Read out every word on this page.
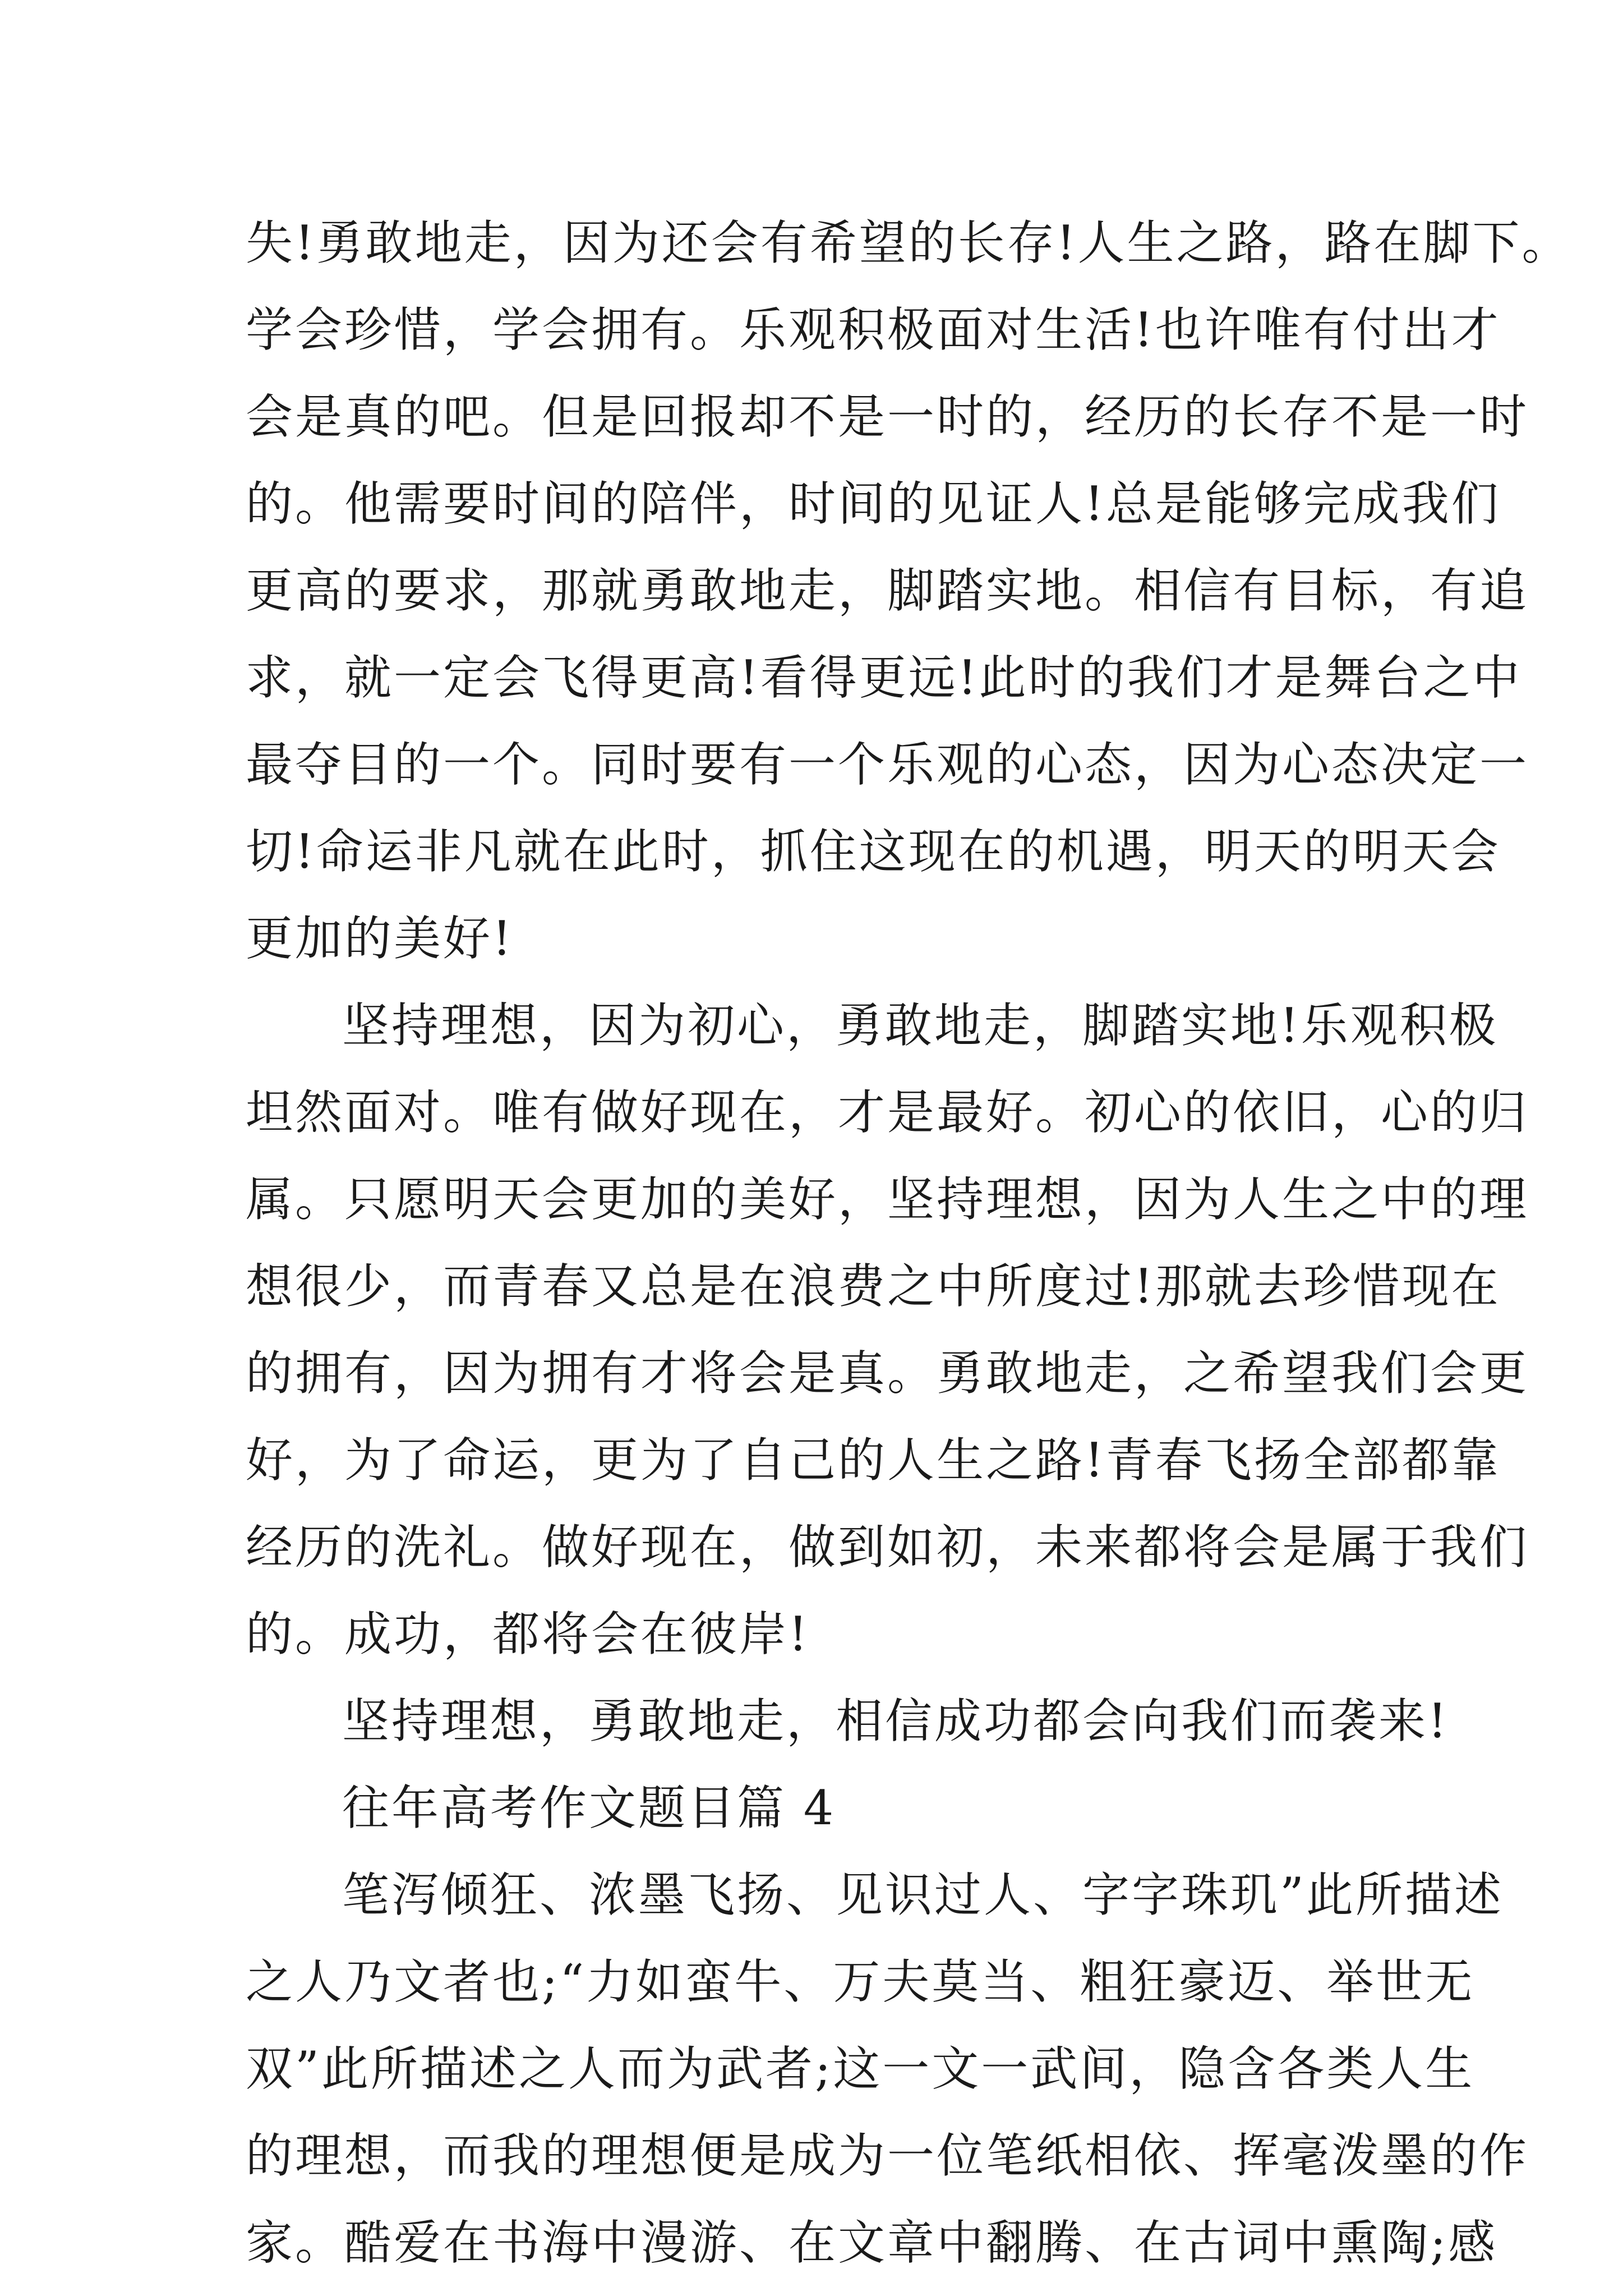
失!勇敢地走，因为还会有希望的长存!人生之路，路在脚下。
学会珍惜，学会拥有。乐观积极面对生活!也许唯有付出才
会是真的吧。但是回报却不是一时的，经历的长存不是一时
的。他需要时间的陪伴，时间的见证人!总是能够完成我们
更高的要求，那就勇敢地走，脚踏实地。相信有目标，有追
求，就一定会飞得更高!看得更远!此时的我们才是舞台之中
最夺目的一个。同时要有一个乐观的心态，因为心态决定一
切!命运非凡就在此时，抓住这现在的机遇，明天的明天会
更加的美好!
坚持理想，因为初心，勇敢地走，脚踏实地!乐观积极
坦然面对。唯有做好现在，才是最好。初心的依旧，心的归
属。只愿明天会更加的美好，坚持理想，因为人生之中的理
想很少，而青春又总是在浪费之中所度过!那就去珍惜现在
的拥有，因为拥有才将会是真。勇敢地走，之希望我们会更
好，为了命运，更为了自己的人生之路!青春飞扬全部都靠
经历的洗礼。做好现在，做到如初，未来都将会是属于我们
的。成功，都将会在彼岸!
坚持理想，勇敢地走，相信成功都会向我们而袭来!
往年高考作文题目篇 4
笔泻倾狂、浓墨飞扬、见识过人、字字珠玑”此所描述
之人乃文者也;“力如蛮牛、万夫莫当、粗狂豪迈、举世无
双”此所描述之人而为武者;这一文一武间，隐含各类人生
的理想，而我的理想便是成为一位笔纸相依、挥毫泼墨的作
家。酷爱在书海中漫游、在文章中翻腾、在古词中熏陶;感
